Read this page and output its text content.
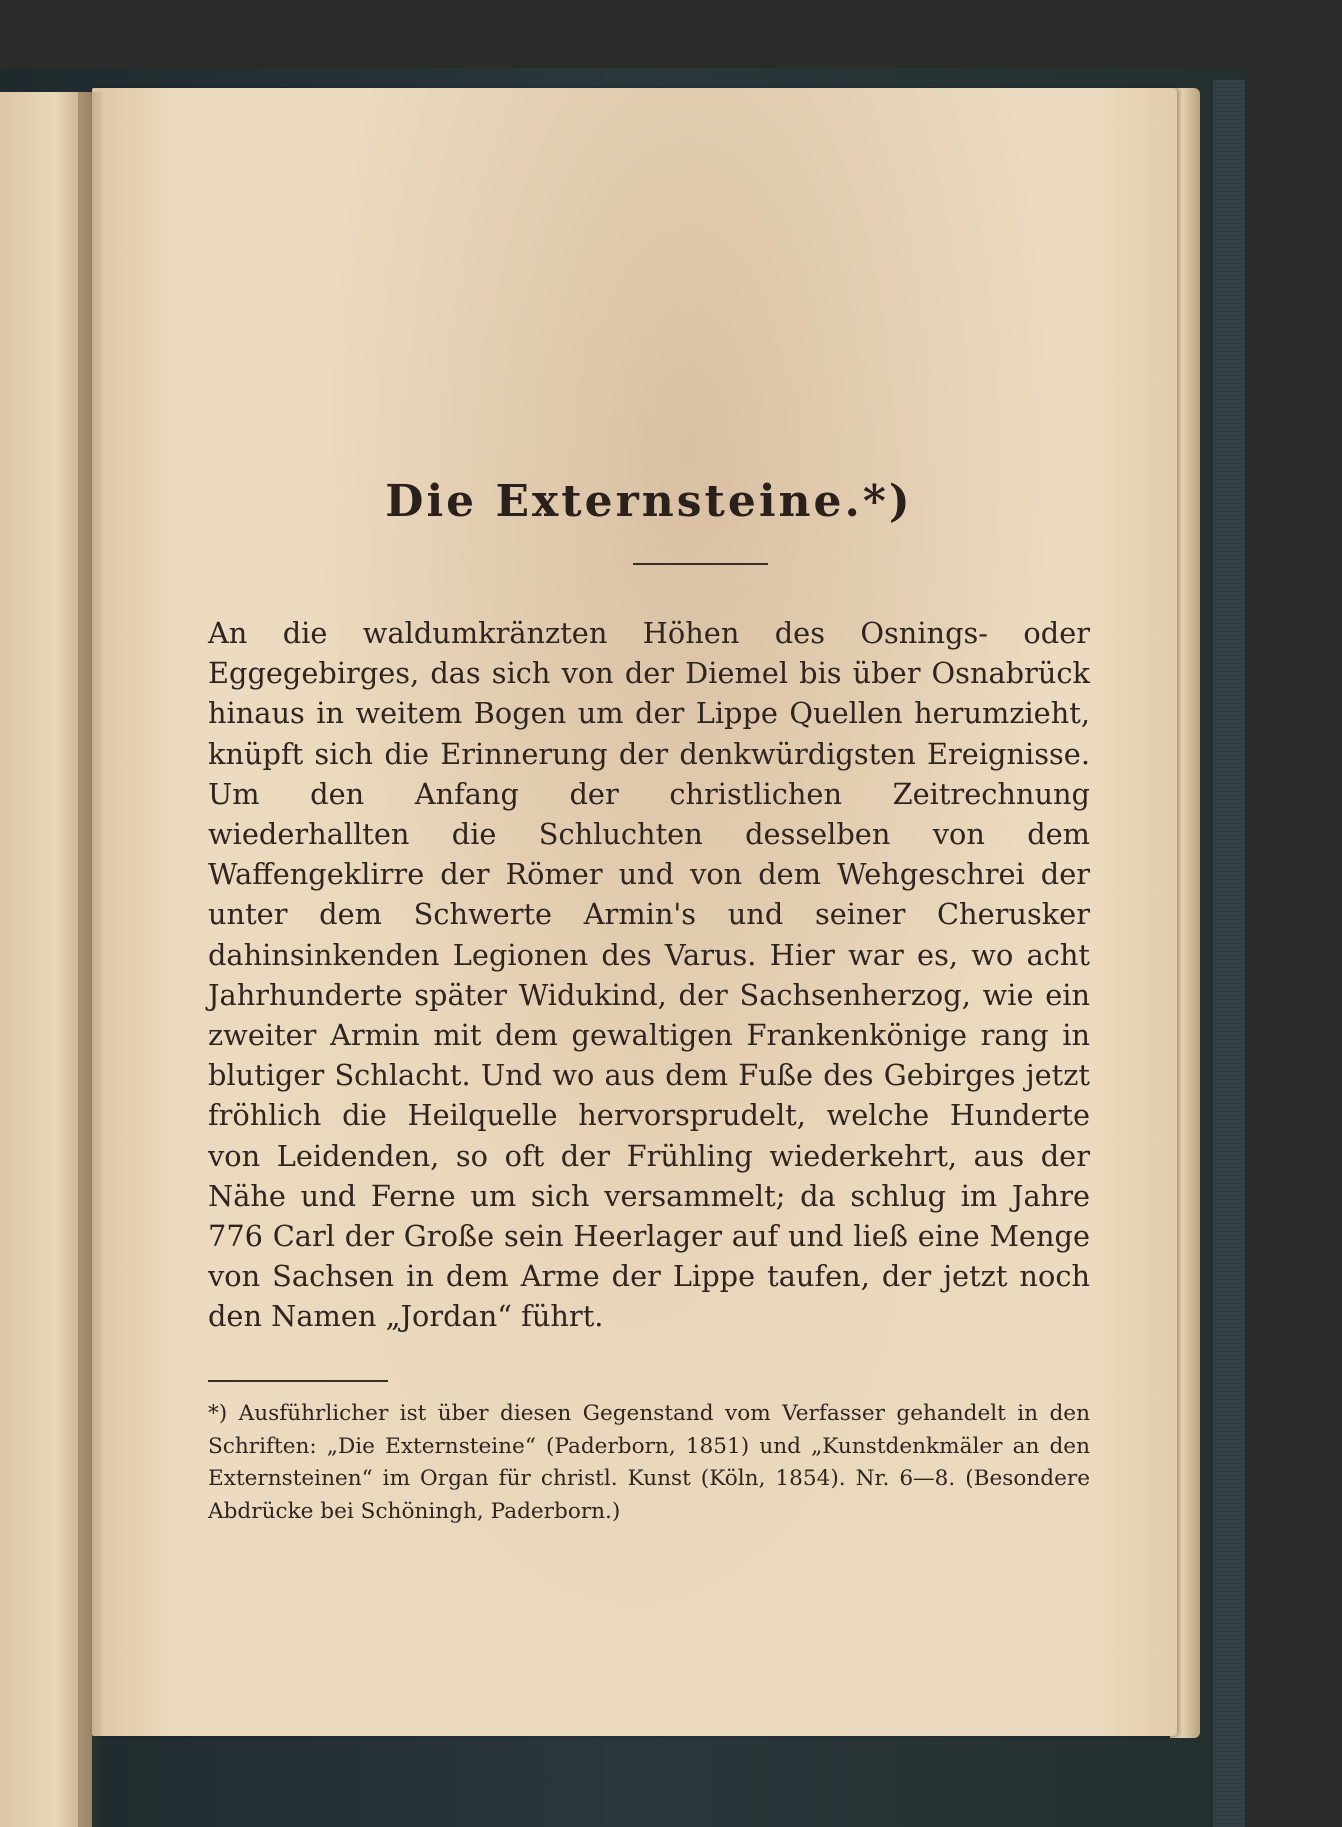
Die Externsteine.*)

An die waldumkränzten Höhen des Osnings- oder Eggegebirges, das sich von der Diemel bis über Osnabrück hinaus in weitem Bogen um der Lippe Quellen herumzieht, knüpft sich die Erinnerung der denkwürdigsten Ereignisse. Um den Anfang der christlichen Zeitrechnung wiederhallten die Schluchten desselben von dem Waffengeklirre der Römer und von dem Wehgeschrei der unter dem Schwerte Armin's und seiner Cherusker dahinsinkenden Legionen des Varus. Hier war es, wo acht Jahrhunderte später Widukind, der Sachsenherzog, wie ein zweiter Armin mit dem gewaltigen Frankenkönige rang in blutiger Schlacht. Und wo aus dem Fuße des Gebirges jetzt fröhlich die Heilquelle hervorsprudelt, welche Hunderte von Leidenden, so oft der Frühling wiederkehrt, aus der Nähe und Ferne um sich versammelt; da schlug im Jahre 776 Carl der Große sein Heerlager auf und ließ eine Menge von Sachsen in dem Arme der Lippe taufen, der jetzt noch den Namen „Jordan“ führt.

*) Ausführlicher ist über diesen Gegenstand vom Verfasser gehandelt in den Schriften: „Die Externsteine“ (Paderborn, 1851) und „Kunstdenkmäler an den Externsteinen“ im Organ für christl. Kunst (Köln, 1854). Nr. 6—8. (Besondere Abdrücke bei Schöningh, Paderborn.)
